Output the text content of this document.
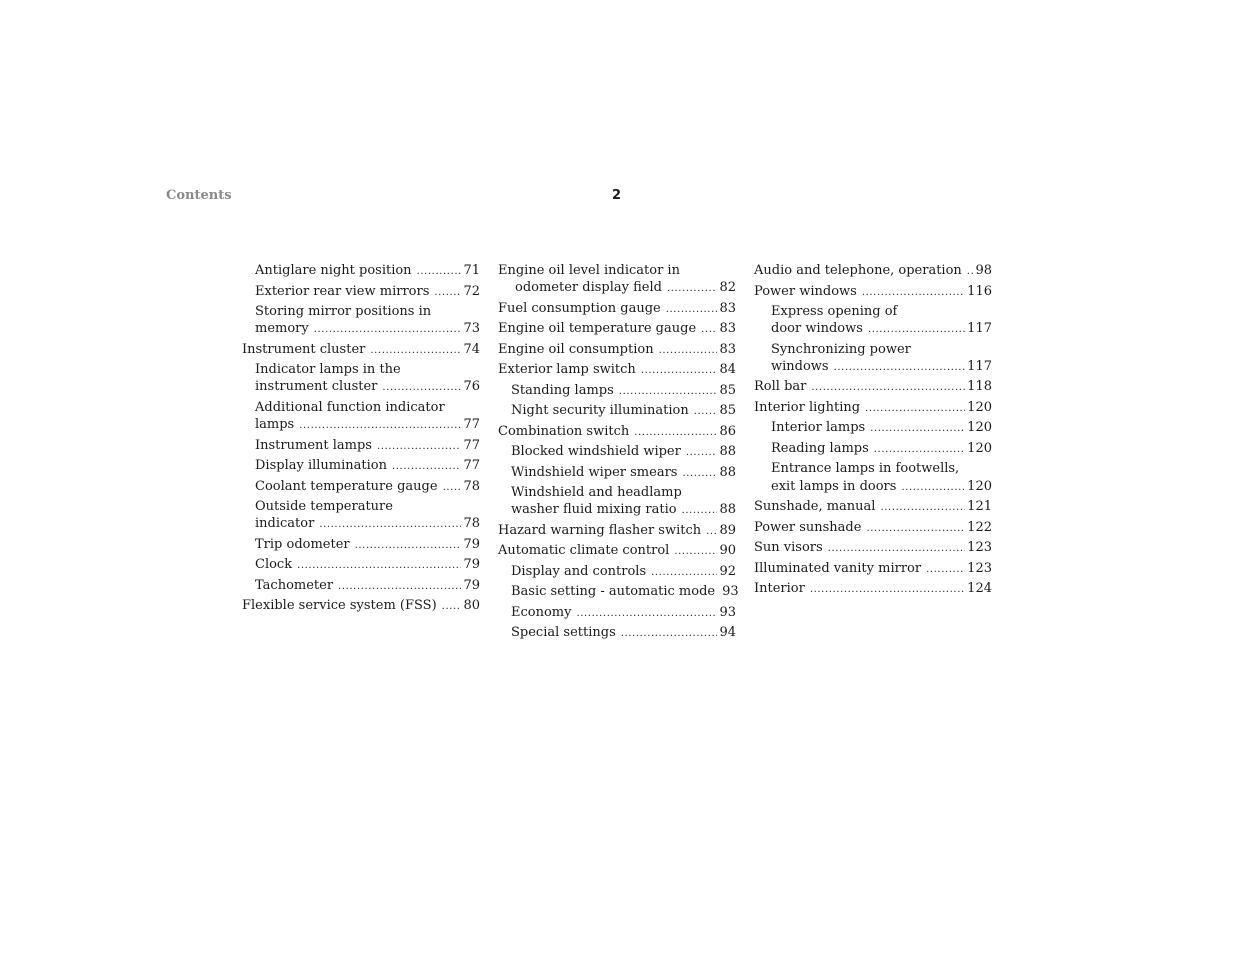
Contents	2
Antiglare night position .....	71
Exterior rear view mirrors .....	72
Storing mirror positions in
memory .....	73
Instrument cluster .....	74
Indicator lamps in the
instrument cluster .....	76
Additional function indicator
lamps .....	77
Instrument lamps .....	77
Display illumination .....	77
Coolant temperature gauge ..... 78
Outside temperature
indicator .....	78
Trip odometer .....	79
Clock .....	79
Tachometer .....	79
Flexible service system (FSS) ..... 80
Engine oil level indicator in
odometer display field .....	82
Fuel consumption gauge .....	83
Engine oil temperature gauge ..... 83
Engine oil consumption .....	83
Exterior lamp switch .....	84
Standing lamps .....	85
Night security illumination ..... 85
Combination switch .....	86
Blocked windshield wiper .....	88
Windshield wiper smears .....	88
Windshield and headlamp
washer fluid mixing ratio .....	88
Hazard warning flasher switch ..... 89
Automatic climate control .....	90
Display and controls .....	92
Basic setting - automatic mode 93
Economy .....	93
Special settings .....	94
Audio and telephone, operation ..... 98
Power windows .....	116
Express opening of
door windows .....	117
Synchronizing power
windows .....	117
Roll bar .....	118
Interior lighting .....	120
Interior lamps .....	120
Reading lamps .....	120
Entrance lamps in footwells,
exit lamps in doors .....	120
Sunshade, manual .....	121
Power sunshade .....	122
Sun visors .....	123
Illuminated vanity mirror .....	123
Interior .....	124
